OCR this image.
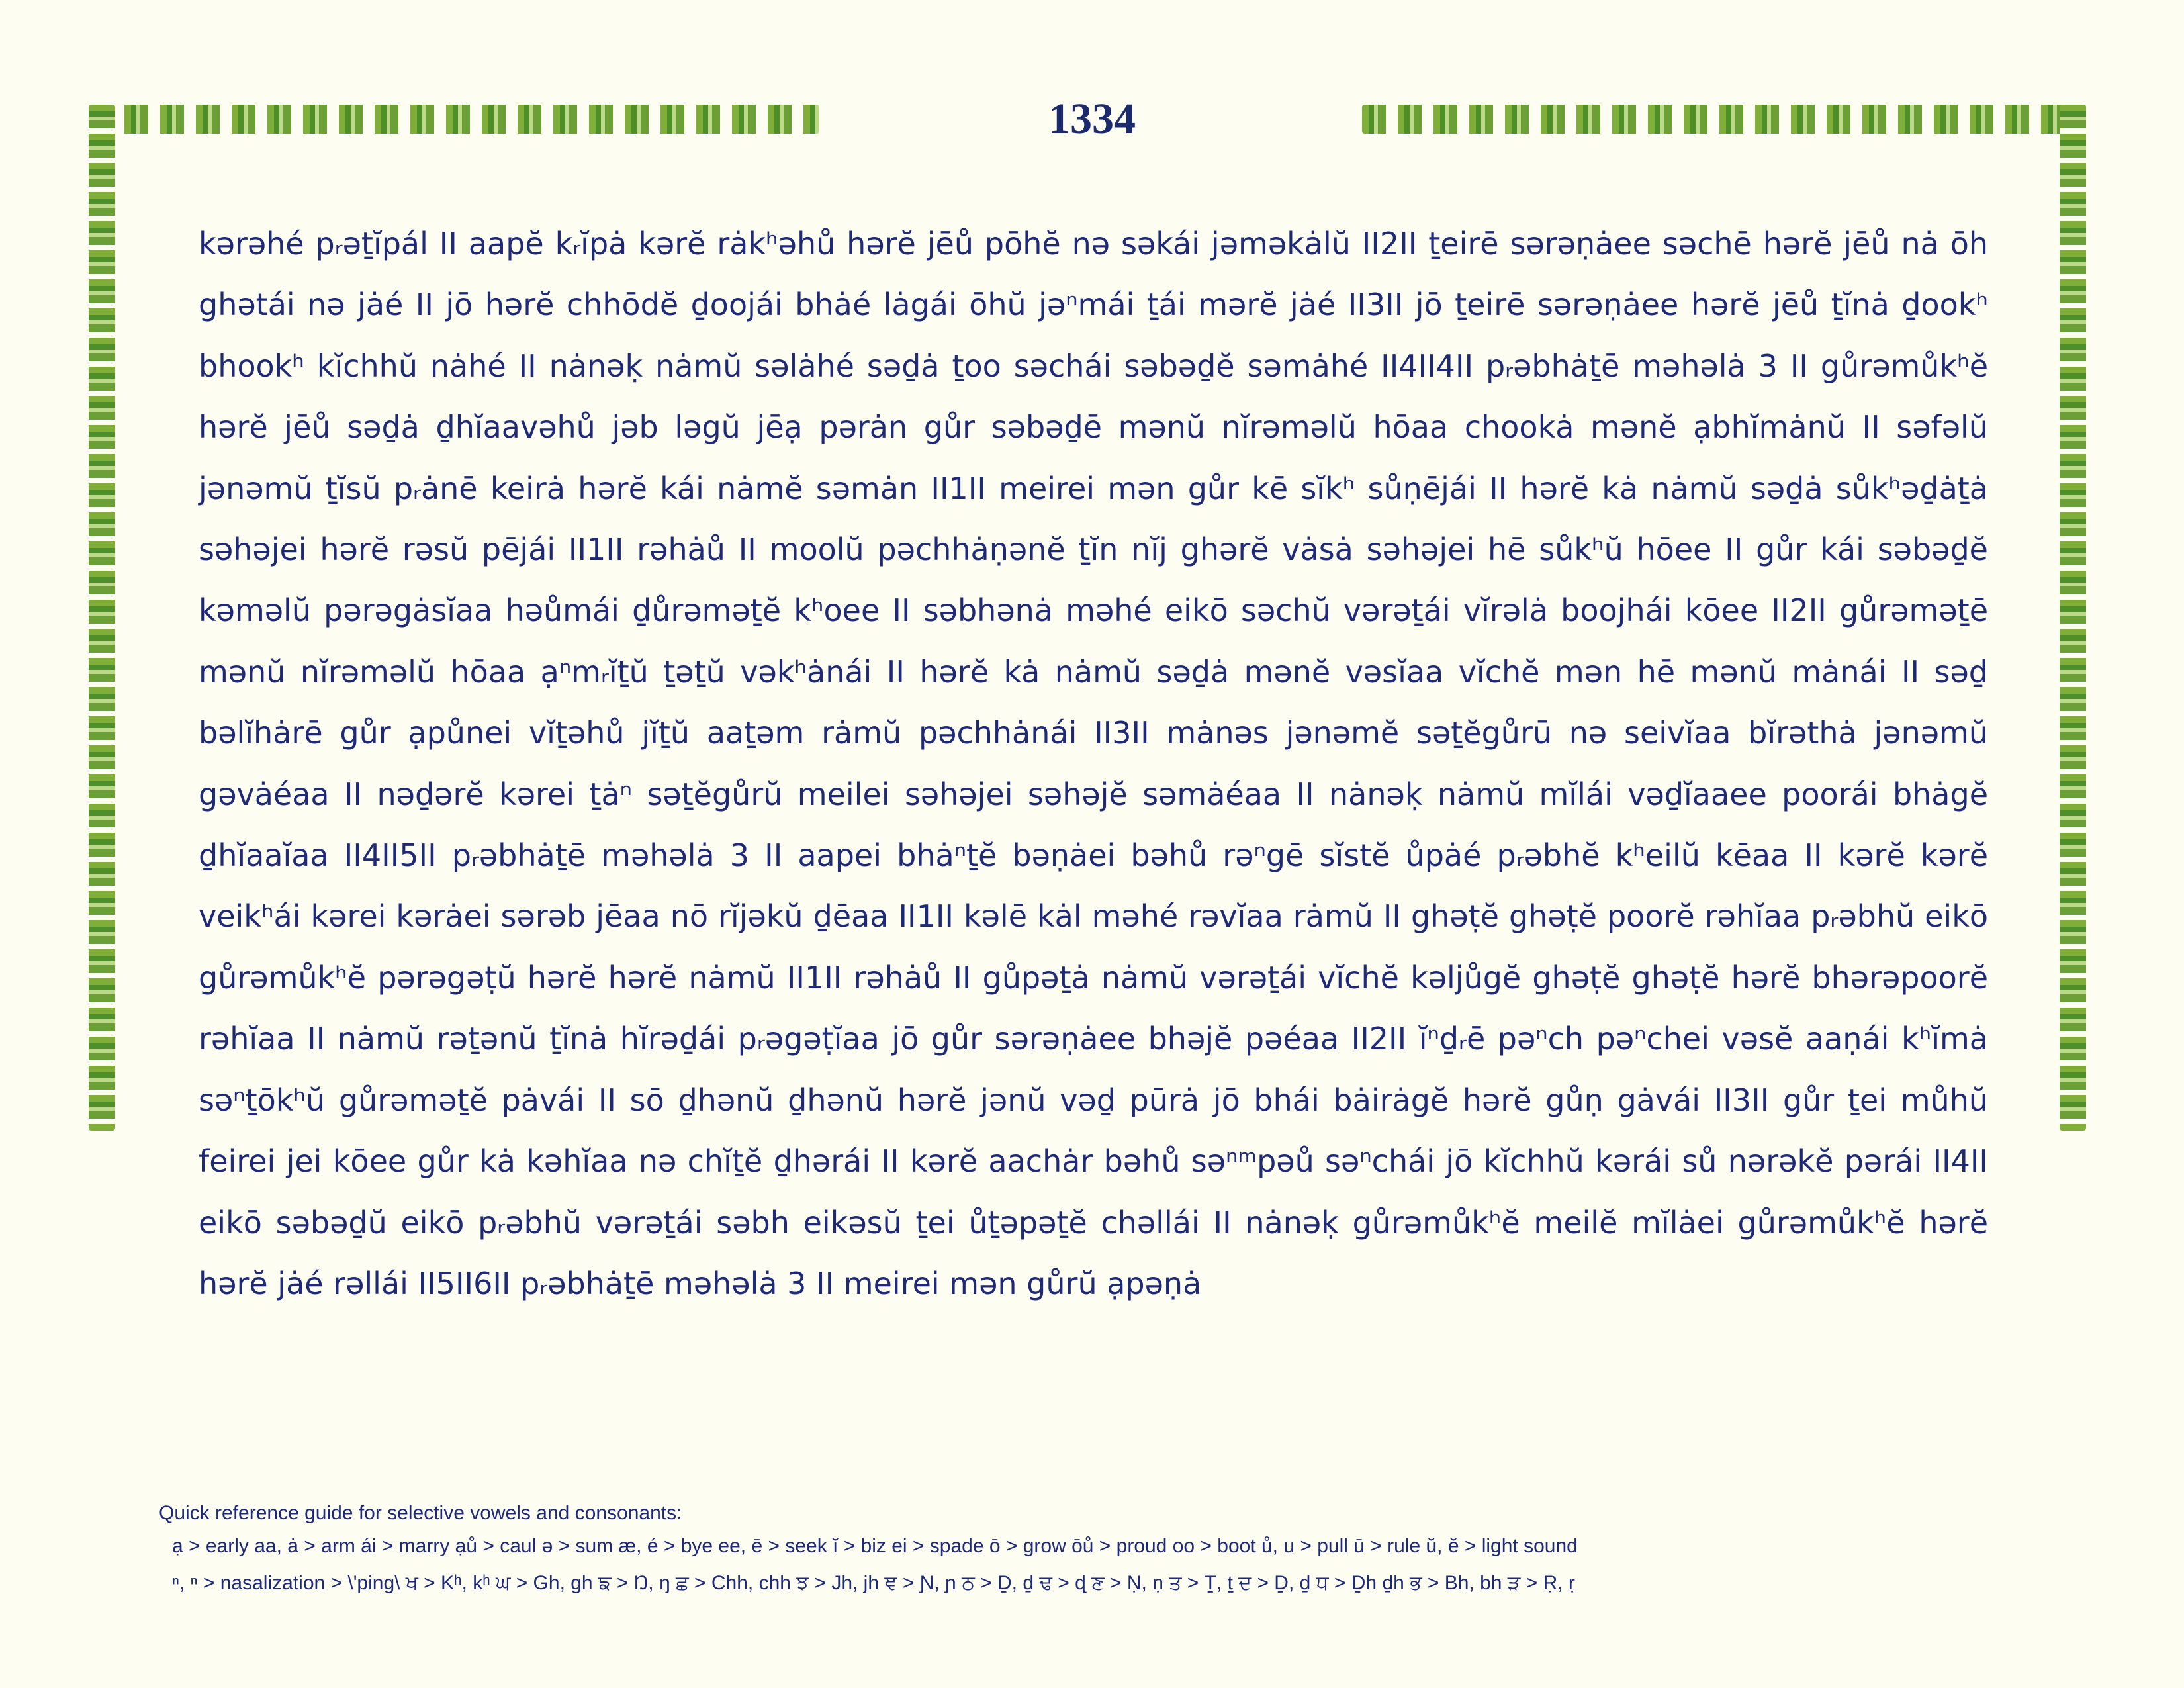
1334
kərəhé pᵣəṯĭpál II aapĕ kᵣĭpȧ kərĕ rȧkʰəhů hərĕ jēů pōhĕ nə səkái jəməkȧlŭ II2II ṯeirē sərəṇȧee səchē hərĕ jēů nȧ ōh ghətái nə jȧé II jō hərĕ chhōdĕ ḏoojái bhȧé lȧgái ōhŭ jəⁿmái ṯái mərĕ jȧé II3II jō ṯeirē sərəṇȧee hərĕ jēů ṯĭnȧ ḏookʰ bhookʰ kĭchhŭ nȧhé II nȧnəḳ nȧmŭ səlȧhé səḏȧ ṯoo səchái səbəḏĕ səmȧhé II4II4II pᵣəbhȧṯē məhəlȧ 3 II gůrəmůkʰĕ hərĕ jēů səḏȧ ḏhĭaavəhů jəb ləgŭ jēạ pərȧn gůr səbəḏē mənŭ nĭrəməlŭ hōaa chookȧ mənĕ ạbhĭmȧnŭ II səfəlŭ jənəmŭ ṯĭsŭ pᵣȧnē keirȧ hərĕ kái nȧmĕ səmȧn II1II meirei mən gůr kē sĭkʰ sůṇējái II hərĕ kȧ nȧmŭ səḏȧ sůkʰəḏȧṯȧ səhəjei hərĕ rəsŭ pējái II1II rəhȧů II moolŭ pəchhȧṇənĕ ṯĭn nĭj ghərĕ vȧsȧ səhəjei hē sůkʰŭ hōee II gůr kái səbəḏĕ kəməlŭ pərəgȧsĭaa həůmái ḏůrəməṯĕ kʰoee II səbhənȧ məhé eikō səchŭ vərəṯái vĭrəlȧ boojhái kōee II2II gůrəməṯē mənŭ nĭrəməlŭ hōaa ạⁿmᵣĭṯŭ ṯəṯŭ vəkʰȧnái II hərĕ kȧ nȧmŭ səḏȧ mənĕ vəsĭaa vĭchĕ mən hē mənŭ mȧnái II səḏ bəlĭhȧrē gůr ạpůnei vĭṯəhů jĭṯŭ aaṯəm rȧmŭ pəchhȧnái II3II mȧnəs jənəmĕ səṯĕgůrū nə seivĭaa bĭrəthȧ jənəmŭ gəvȧéaa II nəḏərĕ kərei ṯȧⁿ səṯĕgůrŭ meilei səhəjei səhəjĕ səmȧéaa II nȧnəḳ nȧmŭ mĭlái vəḏĭaaee poorái bhȧgĕ ḏhĭaaĭaa II4II5II pᵣəbhȧṯē məhəlȧ 3 II aapei bhȧⁿṯĕ bəṇȧei bəhů rəⁿgē sĭstĕ ůpȧé pᵣəbhĕ kʰeilŭ kēaa II kərĕ kərĕ veikʰái kərei kərȧei sərəb jēaa nō rĭjəkŭ ḏēaa II1II kəlē kȧl məhé rəvĭaa rȧmŭ II ghəṭĕ ghəṭĕ poorĕ rəhĭaa pᵣəbhŭ eikō gůrəmůkʰĕ pərəgəṭŭ hərĕ hərĕ nȧmŭ II1II rəhȧů II gůpəṯȧ nȧmŭ vərəṯái vĭchĕ kəljůgĕ ghəṭĕ ghəṭĕ hərĕ bhərəpoorĕ rəhĭaa II nȧmŭ rəṯənŭ ṯĭnȧ hĭrəḏái pᵣəgəṭĭaa jō gůr sərəṇȧee bhəjĕ pəéaa II2II ĭⁿḏᵣē pəⁿch pəⁿchei vəsĕ aaṇái kʰĭmȧ səⁿṯōkʰŭ gůrəməṯĕ pȧvái II sō ḏhənŭ ḏhənŭ hərĕ jənŭ vəḏ pūrȧ jō bhái bȧirȧgĕ hərĕ gůṇ gȧvái II3II gůr ṯei můhŭ feirei jei kōee gůr kȧ kəhĭaa nə chĭṯĕ ḏhərái II kərĕ aachȧr bəhů səⁿᵐpəů səⁿchái jō kĭchhŭ kərái sů nərəkĕ pərái II4II eikō səbəḏŭ eikō pᵣəbhŭ vərəṯái səbh eikəsŭ ṯei ůṯəpəṯĕ chəllái II nȧnəḳ gůrəmůkʰĕ meilĕ mĭlȧei gůrəmůkʰĕ hərĕ hərĕ jȧé rəllái II5II6II pᵣəbhȧṯē məhəlȧ 3 II meirei mən gůrŭ ạpəṇȧ
Quick reference guide for selective vowels and consonants:
ạ > early aa, ȧ > arm ái > marry ạů > caul ə > sum æ, é > bye ee, ē > seek ĭ > biz ei > spade ō > grow ōů > proud oo > boot ů, u > pull ū > rule ŭ, ĕ > light sound
ⁿ, ⁿ > nasalization > \'ping\ ਖ > Kʰ, kʰ ਘ > Gh, gh ਙ > Ŋ, ŋ ਛ > Chh, chh ਝ > Jh, jh ਞ > Ɲ, ɲ ਠ > Ḏ, ḏ ਢ > ɖ ਣ > Ṇ, ṇ ਤ > Ṯ, ṯ ਦ > Ḏ, ḏ ਧ > Ḏh ḏh ਭ > Bh, bh ੜ > Ṛ, ṛ
